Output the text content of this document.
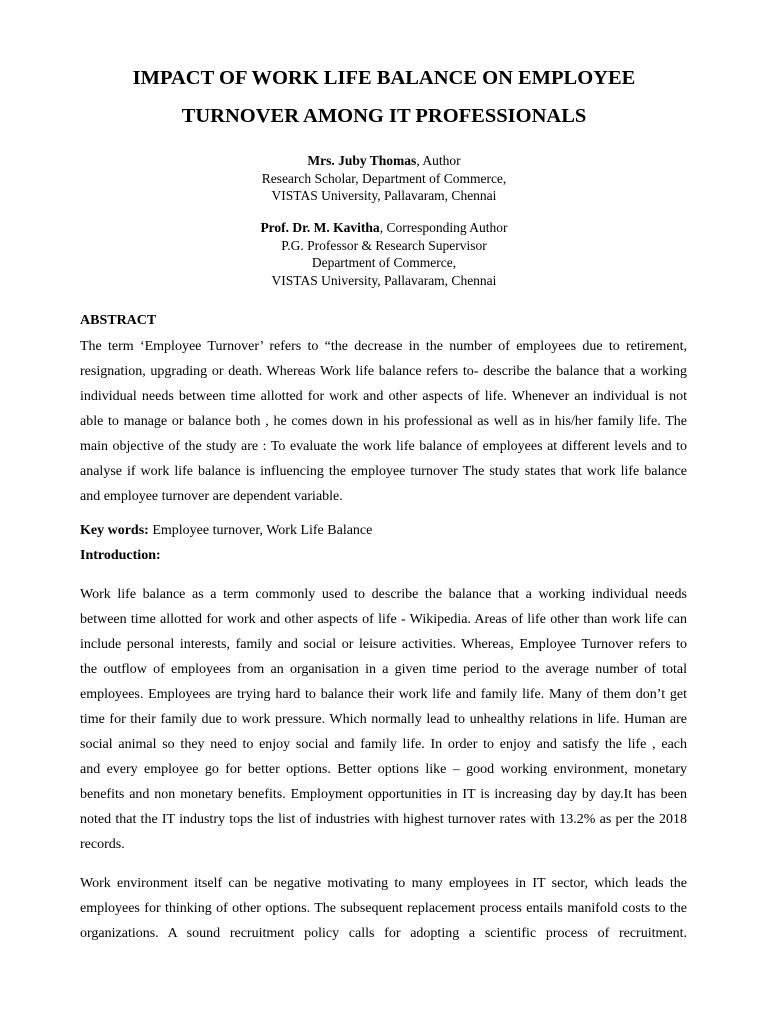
IMPACT OF WORK LIFE BALANCE ON EMPLOYEE
TURNOVER AMONG IT PROFESSIONALS
Mrs. Juby Thomas, Author
Research Scholar, Department of Commerce,
VISTAS University, Pallavaram, Chennai
Prof. Dr. M. Kavitha, Corresponding Author
P.G. Professor & Research Supervisor
Department of Commerce,
VISTAS University, Pallavaram, Chennai
ABSTRACT
The term ‘Employee Turnover’ refers to “the decrease in the number of employees due to retirement,
resignation, upgrading or death. Whereas Work life balance refers to- describe the balance that a working
individual needs between time allotted for work and other aspects of life. Whenever an individual is not
able to manage or balance both , he comes down in his professional as well as in his/her family life. The
main objective of the study are : To evaluate the work life balance of employees at different levels and to
analyse if work life balance is influencing the employee turnover The study states that work life balance
and employee turnover are dependent variable.
Key words: Employee turnover, Work Life Balance
Introduction:
Work life balance as a term commonly used to describe the balance that a working individual needs
between time allotted for work and other aspects of life - Wikipedia. Areas of life other than work life can
include personal interests, family and social or leisure activities. Whereas, Employee Turnover refers to
the outflow of employees from an organisation in a given time period to the average number of total
employees. Employees are trying hard to balance their work life and family life. Many of them don’t get
time for their family due to work pressure. Which normally lead to unhealthy relations in life. Human are
social animal so they need to enjoy social and family life. In order to enjoy and satisfy the life , each
and every employee go for better options. Better options like – good working environment, monetary
benefits and non monetary benefits. Employment opportunities in IT is increasing day by day.It has been
noted that the IT industry tops the list of industries with highest turnover rates with 13.2% as per the 2018
records.
Work environment itself can be negative motivating to many employees in IT sector, which leads the
employees for thinking of other options. The subsequent replacement process entails manifold costs to the
organizations. A sound recruitment policy calls for adopting a scientific process of recruitment.
